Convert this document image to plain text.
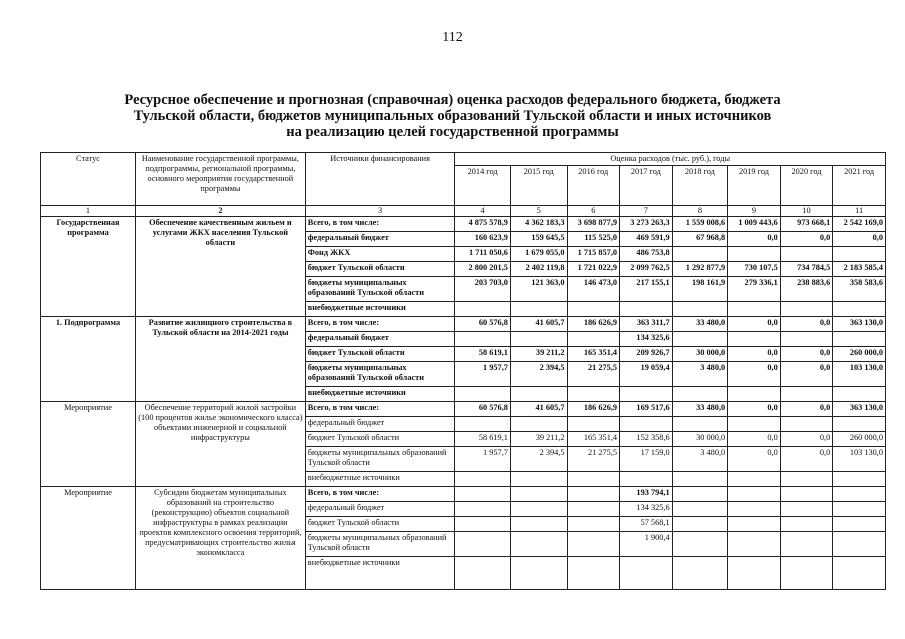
112
Ресурсное обеспечение и прогнозная (справочная) оценка расходов федерального бюджета, бюджета
Тульской области, бюджетов муниципальных образований Тульской области и иных источников
на реализацию целей государственной программы
Статус	Наименование государственной программы, подпрограммы, региональной программы, основного мероприятия государственной программы	Источники финансирования	Оценка расходов (тыс. руб.), годы							
			2014 год	2015 год	2016 год	2017 год	2018 год	2019 год	2020 год	2021 год
1	2	3	4	5	6	7	8	9	10	11
Государственная программа	Обеспечение качественным жильем и услугами ЖКХ населения Тульской области	Всего, в том числе:	4 875 578,9	4 362 183,3	3 698 877,9	3 273 263,3	1 559 008,6	1 009 443,6	973 668,1	2 542 169,0
		федеральный бюджет	160 623,9	159 645,5	115 525,0	469 591,9	67 968,8	0,0	0,0	0,0
		Фонд ЖКХ	1 711 050,6	1 679 055,0	1 715 857,0	486 753,8				
		бюджет Тульской области	2 800 201,5	2 402 119,8	1 721 022,9	2 099 762,5	1 292 877,9	730 107,5	734 784,5	2 183 585,4
		бюджеты муниципальных образований Тульской области	203 703,0	121 363,0	146 473,0	217 155,1	198 161,9	279 336,1	238 883,6	358 583,6
		внебюджетные источники								
1. Подпрограмма	Развитие жилищного строительства в Тульской области на 2014-2021 годы	Всего, в том числе:	60 576,8	41 605,7	186 626,9	363 311,7	33 480,0	0,0	0,0	363 130,0
		федеральный бюджет				134 325,6				
		бюджет Тульской области	58 619,1	39 211,2	165 351,4	209 926,7	30 000,0	0,0	0,0	260 000,0
		бюджеты муниципальных образований Тульской области	1 957,7	2 394,5	21 275,5	19 059,4	3 480,0	0,0	0,0	103 130,0
		внебюджетные источники								
Мероприятие	Обеспечение территорий жилой застройки (100 процентов жилье экономического класса) объектами инженерной и социальной инфраструктуры	Всего, в том числе:	60 576,8	41 605,7	186 626,9	169 517,6	33 480,0	0,0	0,0	363 130,0
		федеральный бюджет								
		бюджет Тульской области	58 619,1	39 211,2	165 351,4	152 358,6	30 000,0	0,0	0,0	260 000,0
		бюджеты муниципальных образований Тульской области	1 957,7	2 394,5	21 275,5	17 159,0	3 480,0	0,0	0,0	103 130,0
		внебюджетные источники								
Мероприятие	Субсидии бюджетам муниципальных образований на строительство (реконструкцию) объектов социальной инфраструктуры в рамках реализации проектов комплексного освоения территорий, предусматривающих строительство жилья экономкласса	Всего, в том числе:				193 794,1				
		федеральный бюджет				134 325,6				
		бюджет Тульской области				57 568,1				
		бюджеты муниципальных образований Тульской области				1 900,4				
		внебюджетные источники								
